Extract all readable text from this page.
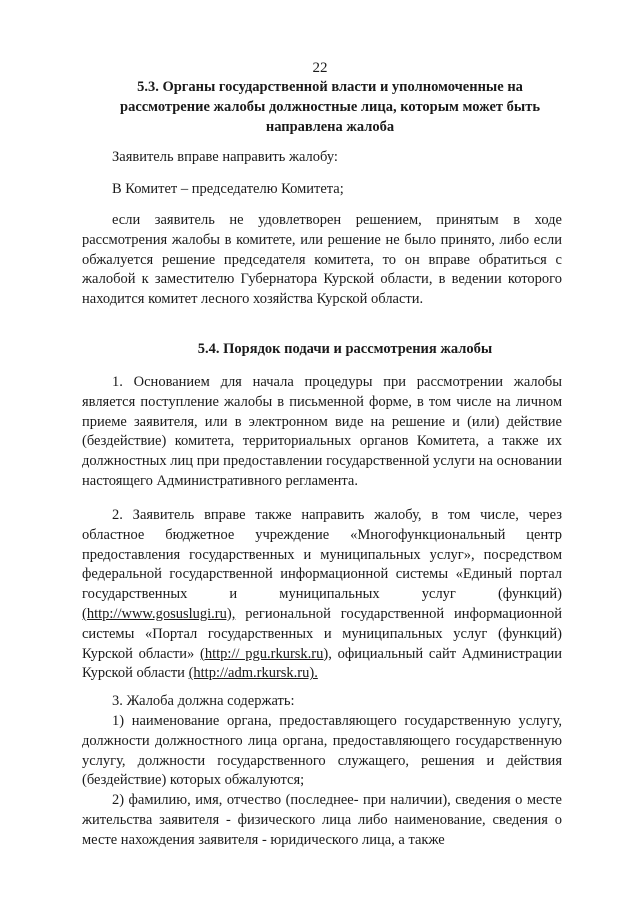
22
5.3. Органы государственной власти и уполномоченные на рассмотрение жалобы должностные лица, которым может быть направлена жалоба

Заявитель вправе направить жалобу:

В Комитет – председателю Комитета;

если заявитель не удовлетворен решением, принятым в ходе рассмотрения жалобы в комитете, или решение не было принято, либо если обжалуется решение председателя комитета, то он вправе обратиться с жалобой к заместителю Губернатора Курской области, в ведении которого находится комитет лесного хозяйства Курской области.

5.4. Порядок подачи и рассмотрения жалобы

1. Основанием для начала процедуры при рассмотрении жалобы является поступление жалобы в письменной форме, в том числе на личном приеме заявителя, или в электронном виде на решение и (или) действие (бездействие) комитета, территориальных органов Комитета, а также их должностных лиц при предоставлении государственной услуги на основании настоящего Административного регламента.

2. Заявитель вправе также направить жалобу, в том числе, через областное бюджетное учреждение «Многофункциональный центр предоставления государственных и муниципальных услуг», посредством федеральной государственной информационной системы «Единый портал государственных и муниципальных услуг (функций) (http://www.gosuslugi.ru), региональной государственной информационной системы «Портал государственных и муниципальных услуг (функций) Курской области» (http:// pgu.rkursk.ru), официальный сайт Администрации Курской области (http://adm.rkursk.ru).

3. Жалоба должна содержать:

1) наименование органа, предоставляющего государственную услугу, должности должностного лица органа, предоставляющего государственную услугу, должности государственного служащего, решения и действия (бездействие) которых обжалуются;

2) фамилию, имя, отчество (последнее- при наличии), сведения о месте жительства заявителя - физического лица либо наименование, сведения о месте нахождения заявителя - юридического лица, а также
